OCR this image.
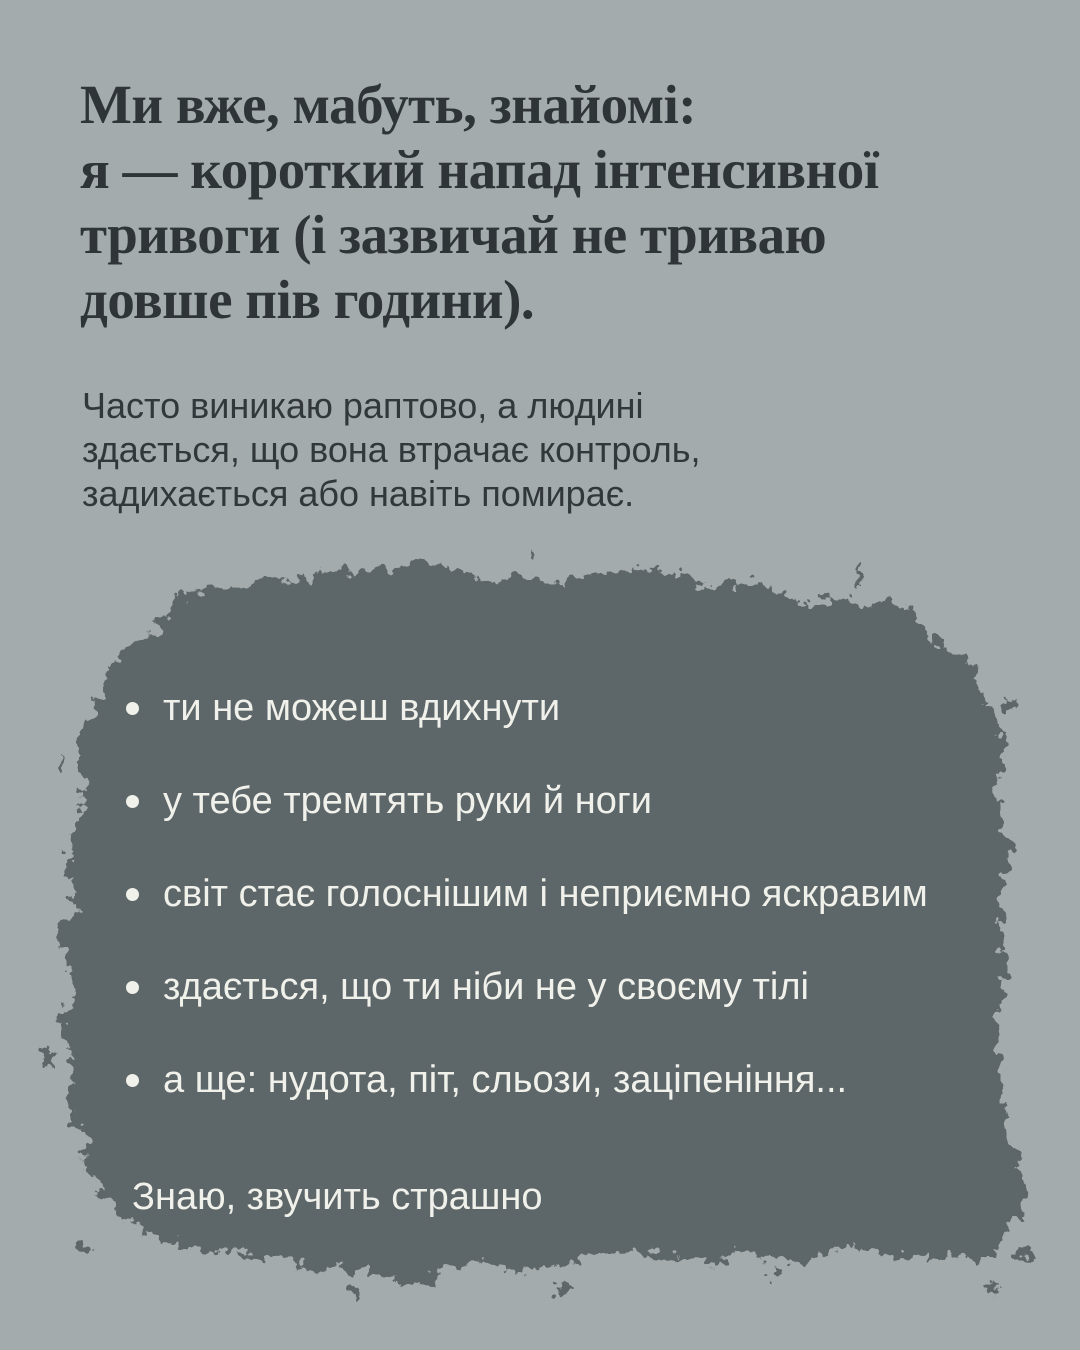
Ми вже, мабуть, знайомі:
я — короткий напад інтенсивної
тривоги (і зазвичай не триваю
довше пів години).

Часто виникаю раптово, а людині
здається, що вона втрачає контроль,
задихається або навіть помирає.

ти не можеш вдихнути
у тебе тремтять руки й ноги
світ стає голоснішим і неприємно яскравим
здається, що ти ніби не у своєму тілі
а ще: нудота, піт, сльози, заціпеніння...
Знаю, звучить страшно
